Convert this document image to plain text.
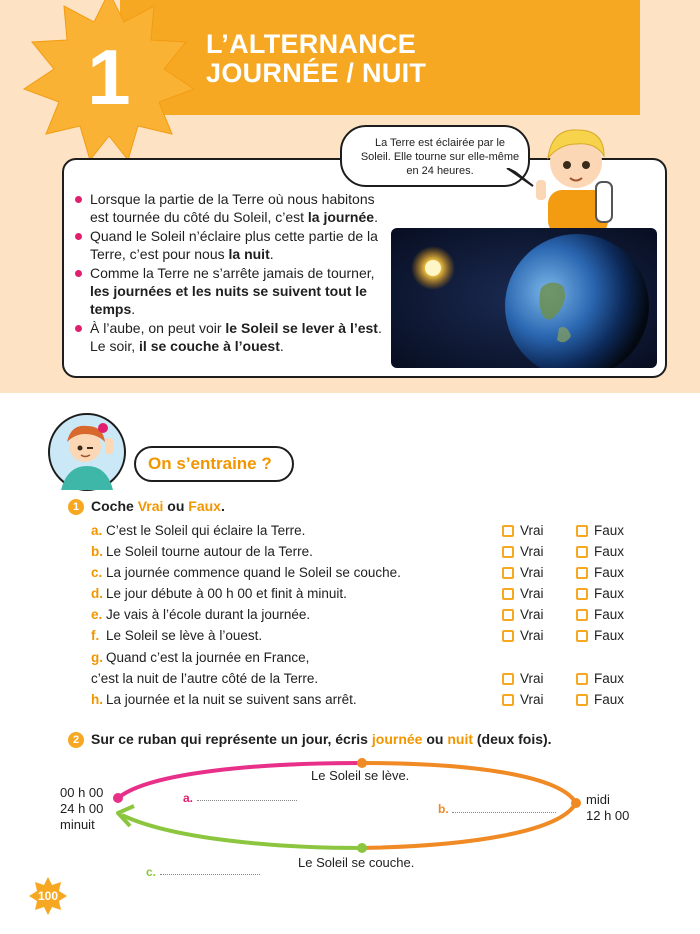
L’ALTERNANCE
JOURNÉE / NUIT
1
Lorsque la partie de la Terre où nous habitons est tournée du côté du Soleil, c’est la journée.
Quand le Soleil n’éclaire plus cette partie de la Terre, c’est pour nous la nuit.
Comme la Terre ne s’arrête jamais de tourner, les journées et les nuits se suivent tout le temps.
À l’aube, on peut voir le Soleil se lever à l’est. Le soir, il se couche à l’ouest.
La Terre est éclairée par le Soleil. Elle tourne sur elle-même en 24 heures.
On s’entraine ?
1 Coche Vrai ou Faux.
a. C’est le Soleil qui éclaire la Terre.	Vrai	Faux
b. Le Soleil tourne autour de la Terre.	Vrai	Faux
c. La journée commence quand le Soleil se couche.	Vrai	Faux
d. Le jour débute à 00 h 00 et finit à minuit.	Vrai	Faux
e. Je vais à l’école durant la journée.	Vrai	Faux
f. Le Soleil se lève à l’ouest.	Vrai	Faux
g. Quand c’est la journée en France,
c’est la nuit de l’autre côté de la Terre.	Vrai	Faux
h. La journée et la nuit se suivent sans arrêt.	Vrai	Faux
2 Sur ce ruban qui représente un jour, écris journée ou nuit (deux fois).
00 h 00
24 h 00
minuit
midi
12 h 00
Le Soleil se lève.
Le Soleil se couche.
a.
b.
c.
100
